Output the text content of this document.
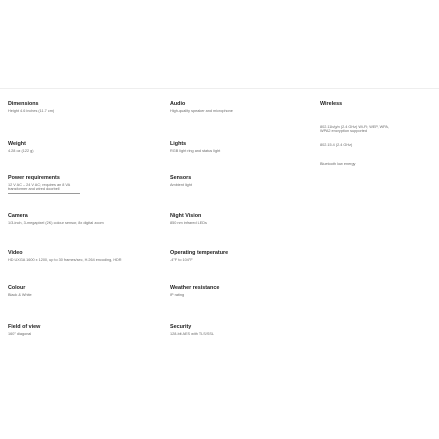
Dimensions
Height 4.6 inches (11.7 cm)
Weight
4.28 oz (122 g)
Power requirements
12 V AC – 24 V AC; requires an 8 VA transformer and wired doorbell
Camera
1/3-inch, 3-megapixel (2K) colour sensor, 8x digital zoom
Video
HD UXGA 1600 x 1200, up to 30 frames/sec, H.264 encoding, HDR
Colour
Black & White
Field of view
160° diagonal
Audio
High-quality speaker and microphone
Lights
RGB light ring and status light
Sensors
Ambient light
Night Vision
850 nm infrared LEDs
Operating temperature
-4°F to 104°F
Weather resistance
IP rating
Security
128-bit AES with TLS/SSL
Wireless
802.11b/g/n (2.4 GHz) Wi-Fi; WEP, WPA,
WPA2 encryption supported
802.15.4 (2.4 GHz)
Bluetooth low energy
